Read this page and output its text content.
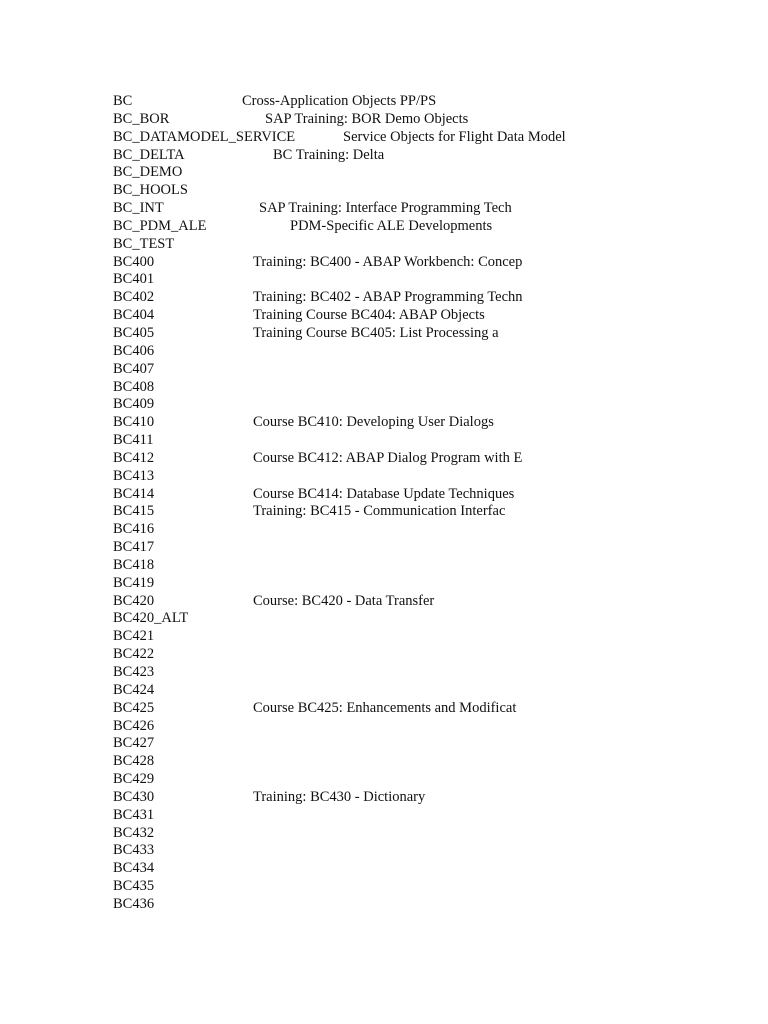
BC	Cross-Application Objects PP/PS
BC_BOR	SAP Training: BOR Demo Objects
BC_DATAMODEL_SERVICE	Service Objects for Flight Data Model
BC_DELTA	BC Training: Delta
BC_DEMO
BC_HOOLS
BC_INT	SAP Training: Interface Programming Tech
BC_PDM_ALE	PDM-Specific ALE Developments
BC_TEST
BC400	Training: BC400 - ABAP Workbench: Concep
BC401
BC402	Training: BC402 - ABAP Programming Techn
BC404	Training Course BC404: ABAP Objects
BC405	Training Course BC405: List Processing a
BC406
BC407
BC408
BC409
BC410	Course BC410: Developing User Dialogs
BC411
BC412	Course BC412: ABAP Dialog Program with E
BC413
BC414	Course BC414: Database Update Techniques
BC415	Training: BC415 - Communication Interfac
BC416
BC417
BC418
BC419
BC420	Course: BC420 - Data Transfer
BC420_ALT
BC421
BC422
BC423
BC424
BC425	Course BC425: Enhancements and Modificat
BC426
BC427
BC428
BC429
BC430	Training: BC430 - Dictionary
BC431
BC432
BC433
BC434
BC435
BC436
